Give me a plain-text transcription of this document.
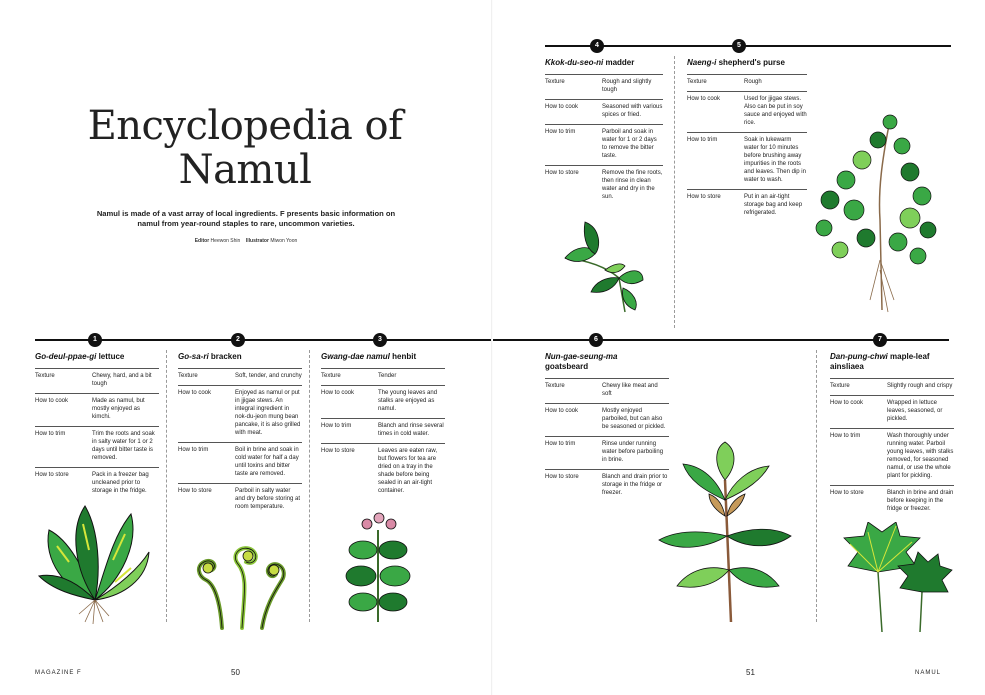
Encyclopedia of
Namul

Namul is made of a vast array of local ingredients. F presents basic information on namul from year-round staples to rare, uncommon varieties.

Editor Heewon Shin Illustrator Miwon Yoon
1	2	3
Go-deul-ppae-gi lettuce
Texture	Chewy, hard, and a bit tough
How to cook	Made as namul, but mostly enjoyed as kimchi.
How to trim	Trim the roots and soak in salty water for 1 or 2 days until bitter taste is removed.
How to store	Pack in a freezer bag uncleaned prior to storage in the fridge.
Go-sa-ri bracken
Texture	Soft, tender, and crunchy
How to cook	Enjoyed as namul or put in jjigae stews. An integral ingredient in nok-du-jeon mung bean pancake, it is also grilled with meat.
How to trim	Boil in brine and soak in cold water for half a day until toxins and bitter taste are removed.
How to store	Parboil in salty water and dry before storing at room temperature.
Gwang-dae namul henbit
Texture	Tender
How to cook	The young leaves and stalks are enjoyed as namul.
How to trim	Blanch and rinse several times in cold water.
How to store	Leaves are eaten raw, but flowers for tea are dried on a tray in the shade before being sealed in an air-tight container.
MAGAZINE F	50
4	5
Kkok-du-seo-ni madder
Texture	Rough and slightly tough
How to cook	Seasoned with various spices or fried.
How to trim	Parboil and soak in water for 1 or 2 days to remove the bitter taste.
How to store	Remove the fine roots, then rinse in clean water and dry in the sun.
Naeng-i shepherd's purse
Texture	Rough
How to cook	Used for jjigae stews. Also can be put in soy sauce and enjoyed with rice.
How to trim	Soak in lukewarm water for 10 minutes before brushing away impurities in the roots and leaves. Then dip in water to wash.
How to store	Put in an air-tight storage bag and keep refrigerated.
6	7
Nun-gae-seung-ma
goatsbeard
Texture	Chewy like meat and soft
How to cook	Mostly enjoyed parboiled, but can also be seasoned or pickled.
How to trim	Rinse under running water before parboiling in brine.
How to store	Blanch and drain prior to storage in the fridge or freezer.
Dan-pung-chwi maple-leaf ainsliaea
Texture	Slightly rough and crispy
How to cook	Wrapped in lettuce leaves, seasoned, or pickled.
How to trim	Wash thoroughly under running water. Parboil young leaves, with stalks removed, for seasoned namul, or use the whole plant for pickling.
How to store	Blanch in brine and drain before keeping in the fridge or freezer.
51	NAMUL
